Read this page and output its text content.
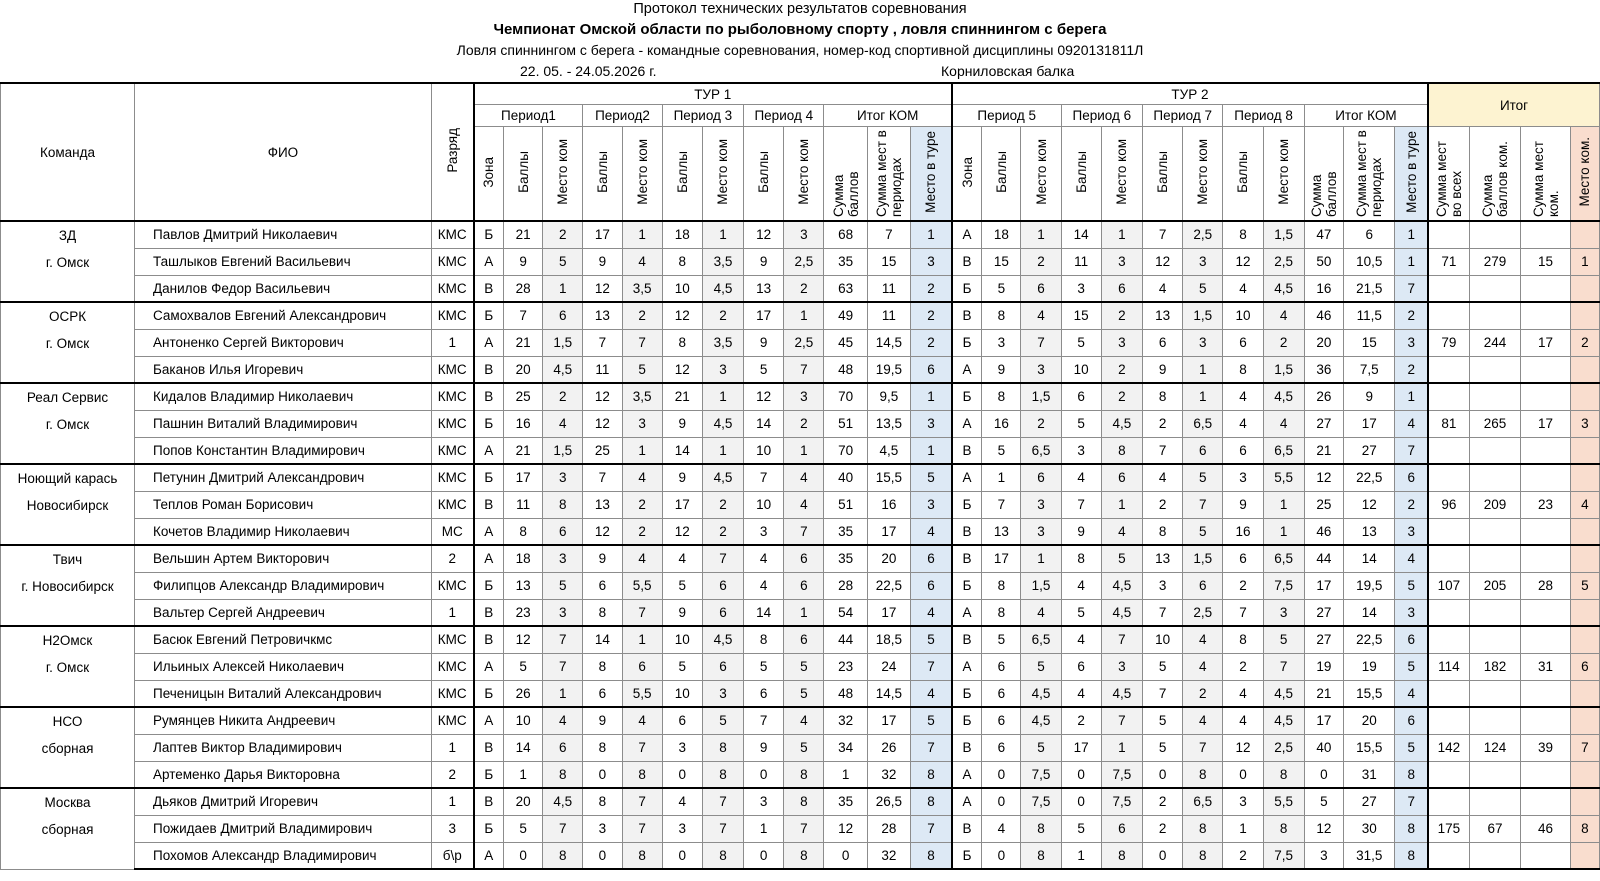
Протокол технических результатов соревнования
Чемпионат Омской области по рыболовному спорту , ловля спиннингом с берега
Ловля спиннингом с берега - командные соревнования, номер-код спортивной дисциплины 0920131811Л
22. 05. - 24.05.2026 г.	Корниловская балка
Команда	ФИО	Разряд	ТУР 1												ТУР 2												Итог			
			Период1			Период2		Период 3		Период 4		Итог КОМ			Период 5			Период 6		Период 7		Период 8		Итог КОМ						
			Зона	Баллы	Место ком	Баллы	Место ком	Баллы	Место ком	Баллы	Место ком	Сумма баллов	Сумма мест в периодах	Место в туре	Зона	Баллы	Место ком	Баллы	Место ком	Баллы	Место ком	Баллы	Место ком	Сумма баллов	Сумма мест в периодах	Место в туре	Сумма мест во всех	Сумма баллов ком.	Сумма мест ком.	Место ком.

ЗД
г. Омск	Павлов Дмитрий Николаевич	КМС	Б	21	2	17	1	18	1	12	3	68	7	1	А	18	1	14	1	7	2,5	8	1,5	47	6	1				
	Ташлыков Евгений Васильевич	КМС	А	9	5	9	4	8	3,5	9	2,5	35	15	3	В	15	2	11	3	12	3	12	2,5	50	10,5	1	71	279	15	1
	Данилов Федор Васильевич	КМС	В	28	1	12	3,5	10	4,5	13	2	63	11	2	Б	5	6	3	6	4	5	4	4,5	16	21,5	7				

ОСРК
г. Омск	Самохвалов Евгений Александрович	КМС	Б	7	6	13	2	12	2	17	1	49	11	2	В	8	4	15	2	13	1,5	10	4	46	11,5	2				
	Антоненко Сергей Викторович	1	А	21	1,5	7	7	8	3,5	9	2,5	45	14,5	2	Б	3	7	5	3	6	3	6	2	20	15	3	79	244	17	2
	Баканов Илья Игоревич	КМС	В	20	4,5	11	5	12	3	5	7	48	19,5	6	А	9	3	10	2	9	1	8	1,5	36	7,5	2				

Реал Сервис
г. Омск	Кидалов Владимир Николаевич	КМС	В	25	2	12	3,5	21	1	12	3	70	9,5	1	Б	8	1,5	6	2	8	1	4	4,5	26	9	1				
	Пашнин Виталий Владимирович	КМС	Б	16	4	12	3	9	4,5	14	2	51	13,5	3	А	16	2	5	4,5	2	6,5	4	4	27	17	4	81	265	17	3
	Попов Константин Владимирович	КМС	А	21	1,5	25	1	14	1	10	1	70	4,5	1	В	5	6,5	3	8	7	6	6	6,5	21	27	7				

Ноющий карась
Новосибирск	Петунин Дмитрий Александрович	КМС	Б	17	3	7	4	9	4,5	7	4	40	15,5	5	А	1	6	4	6	4	5	3	5,5	12	22,5	6				
	Теплов Роман Борисович	КМС	В	11	8	13	2	17	2	10	4	51	16	3	Б	7	3	7	1	2	7	9	1	25	12	2	96	209	23	4
	Кочетов Владимир Николаевич	МС	А	8	6	12	2	12	2	3	7	35	17	4	В	13	3	9	4	8	5	16	1	46	13	3				

Твич
г. Новосибирск	Вельшин Артем Викторович	2	А	18	3	9	4	4	7	4	6	35	20	6	В	17	1	8	5	13	1,5	6	6,5	44	14	4				
	Филипцов Александр Владимирович	КМС	Б	13	5	6	5,5	5	6	4	6	28	22,5	6	Б	8	1,5	4	4,5	3	6	2	7,5	17	19,5	5	107	205	28	5
	Вальтер Сергей Андреевич	1	В	23	3	8	7	9	6	14	1	54	17	4	А	8	4	5	4,5	7	2,5	7	3	27	14	3				

Н2Омск
г. Омск	Басюк Евгений Петровичкмс	КМС	В	12	7	14	1	10	4,5	8	6	44	18,5	5	В	5	6,5	4	7	10	4	8	5	27	22,5	6				
	Ильиных Алексей Николаевич	КМС	А	5	7	8	6	5	6	5	5	23	24	7	А	6	5	6	3	5	4	2	7	19	19	5	114	182	31	6
	Печеницын Виталий Александрович	КМС	Б	26	1	6	5,5	10	3	6	5	48	14,5	4	Б	6	4,5	4	4,5	7	2	4	4,5	21	15,5	4				

НСО
сборная	Румянцев Никита Андреевич	КМС	А	10	4	9	4	6	5	7	4	32	17	5	Б	6	4,5	2	7	5	4	4	4,5	17	20	6				
	Лаптев Виктор Владимирович	1	В	14	6	8	7	3	8	9	5	34	26	7	В	6	5	17	1	5	7	12	2,5	40	15,5	5	142	124	39	7
	Артеменко Дарья Викторовна	2	Б	1	8	0	8	0	8	0	8	1	32	8	А	0	7,5	0	7,5	0	8	0	8	0	31	8				

Москва
сборная	Дьяков Дмитрий Игоревич	1	В	20	4,5	8	7	4	7	3	8	35	26,5	8	А	0	7,5	0	7,5	2	6,5	3	5,5	5	27	7				
	Пожидаев Дмитрий Владимирович	3	Б	5	7	3	7	3	7	1	7	12	28	7	В	4	8	5	6	2	8	1	8	12	30	8	175	67	46	8
	Похомов Александр Владимирович	б\р	А	0	8	0	8	0	8	0	8	0	32	8	Б	0	8	1	8	0	8	2	7,5	3	31,5	8				
